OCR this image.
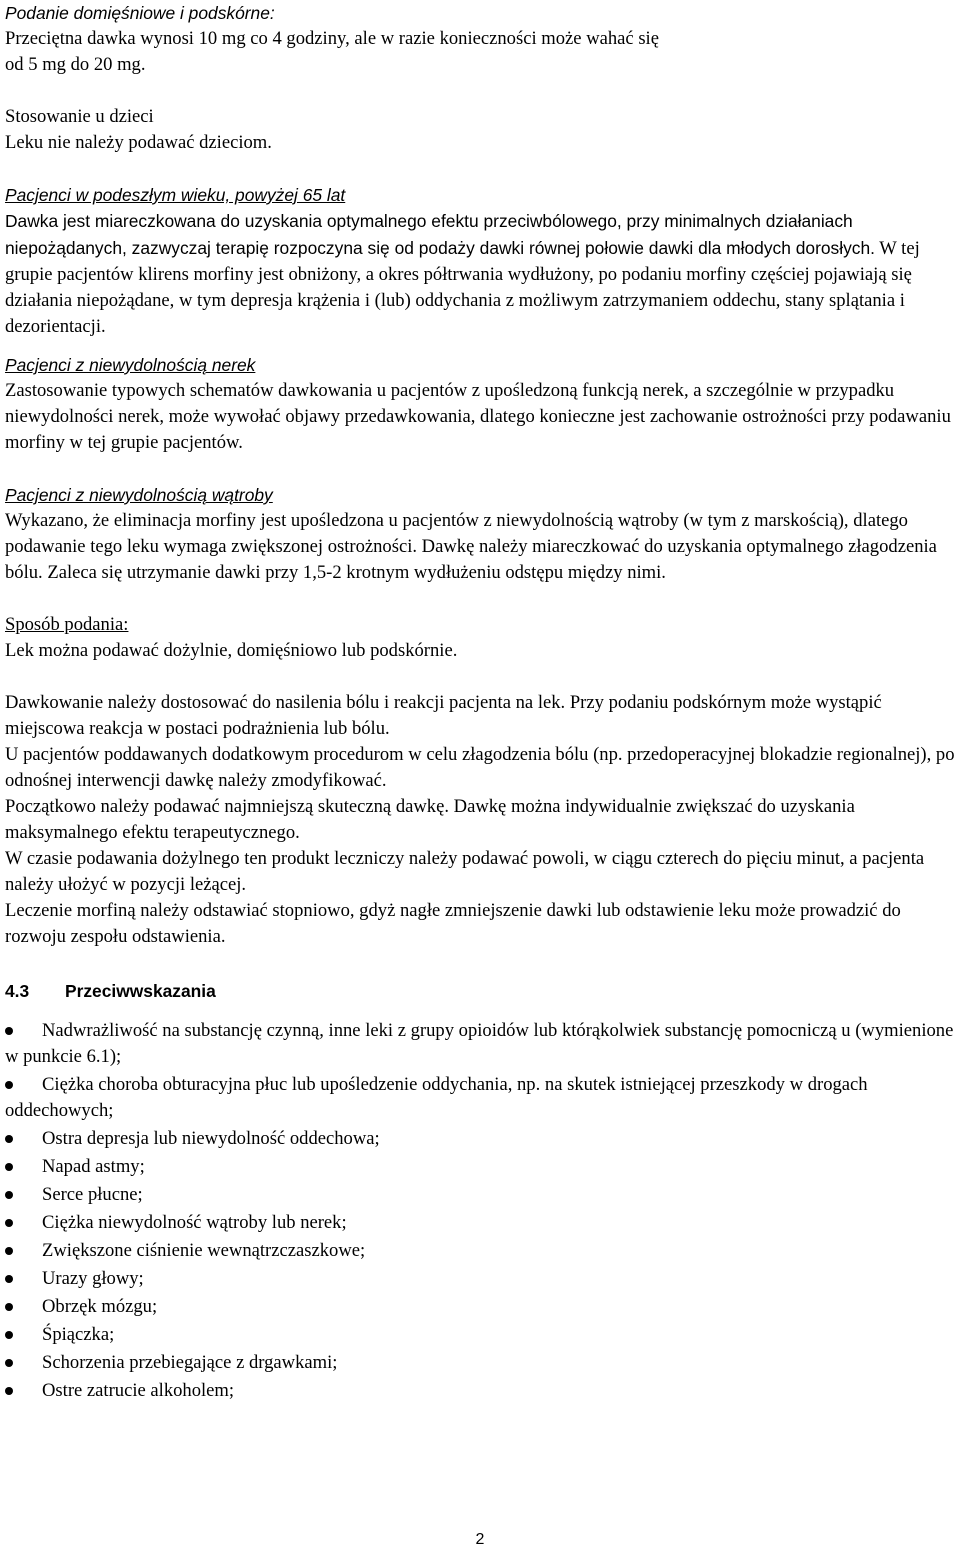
Podanie domięśniowe i podskórne:

Przeciętna dawka wynosi 10 mg co 4 godziny, ale w razie konieczności może wahać się

od 5 mg do 20 mg.

Stosowanie u dzieci

Leku nie należy podawać dzieciom.

Pacjenci w podeszłym wieku, powyżej 65 lat

Dawka jest miareczkowana do uzyskania optymalnego efektu przeciwbólowego, przy minimalnych działaniach niepożądanych, zazwyczaj terapię rozpoczyna się od podaży dawki równej połowie dawki dla młodych dorosłych. W tej grupie pacjentów klirens morfiny jest obniżony, a okres półtrwania wydłużony, po podaniu morfiny częściej pojawiają się działania niepożądane, w tym depresja krążenia i (lub) oddychania z możliwym zatrzymaniem oddechu, stany splątania i dezorientacji.

Pacjenci z niewydolnością nerek

Zastosowanie typowych schematów dawkowania u pacjentów z upośledzoną funkcją nerek, a szczególnie w przypadku niewydolności nerek, może wywołać objawy przedawkowania, dlatego konieczne jest zachowanie ostrożności przy podawaniu morfiny w tej grupie pacjentów.

Pacjenci z niewydolnością wątroby

Wykazano, że eliminacja morfiny jest upośledzona u pacjentów z niewydolnością wątroby (w tym z marskością), dlatego podawanie tego leku wymaga zwiększonej ostrożności. Dawkę należy miareczkować do uzyskania optymalnego złagodzenia bólu. Zaleca się utrzymanie dawki przy 1,5-2 krotnym wydłużeniu odstępu między nimi.

Sposób podania:

Lek można podawać dożylnie, domięśniowo lub podskórnie.

Dawkowanie należy dostosować do nasilenia bólu i reakcji pacjenta na lek. Przy podaniu podskórnym może wystąpić miejscowa reakcja w postaci podrażnienia lub bólu.

U pacjentów poddawanych dodatkowym procedurom w celu złagodzenia bólu (np. przedoperacyjnej blokadzie regionalnej), po odnośnej interwencji dawkę należy zmodyfikować.

Początkowo należy podawać najmniejszą skuteczną dawkę. Dawkę można indywidualnie zwiększać do uzyskania maksymalnego efektu terapeutycznego.

W czasie podawania dożylnego ten produkt leczniczy należy podawać powoli, w ciągu czterech do pięciu minut, a pacjenta należy ułożyć w pozycji leżącej.

Leczenie morfiną należy odstawiać stopniowo, gdyż nagłe zmniejszenie dawki lub odstawienie leku może prowadzić do rozwoju zespołu odstawienia.

4.3 Przeciwwskazania

Nadwrażliwość na substancję czynną, inne leki z grupy opioidów lub którąkolwiek substancję pomocniczą u (wymienione w punkcie 6.1);
Ciężka choroba obturacyjna płuc lub upośledzenie oddychania, np. na skutek istniejącej przeszkody w drogach oddechowych;
Ostra depresja lub niewydolność oddechowa;
Napad astmy;
Serce płucne;
Ciężka niewydolność wątroby lub nerek;
Zwiększone ciśnienie wewnątrzczaszkowe;
Urazy głowy;
Obrzęk mózgu;
Śpiączka;
Schorzenia przebiegające z drgawkami;
Ostre zatrucie alkoholem;
2
